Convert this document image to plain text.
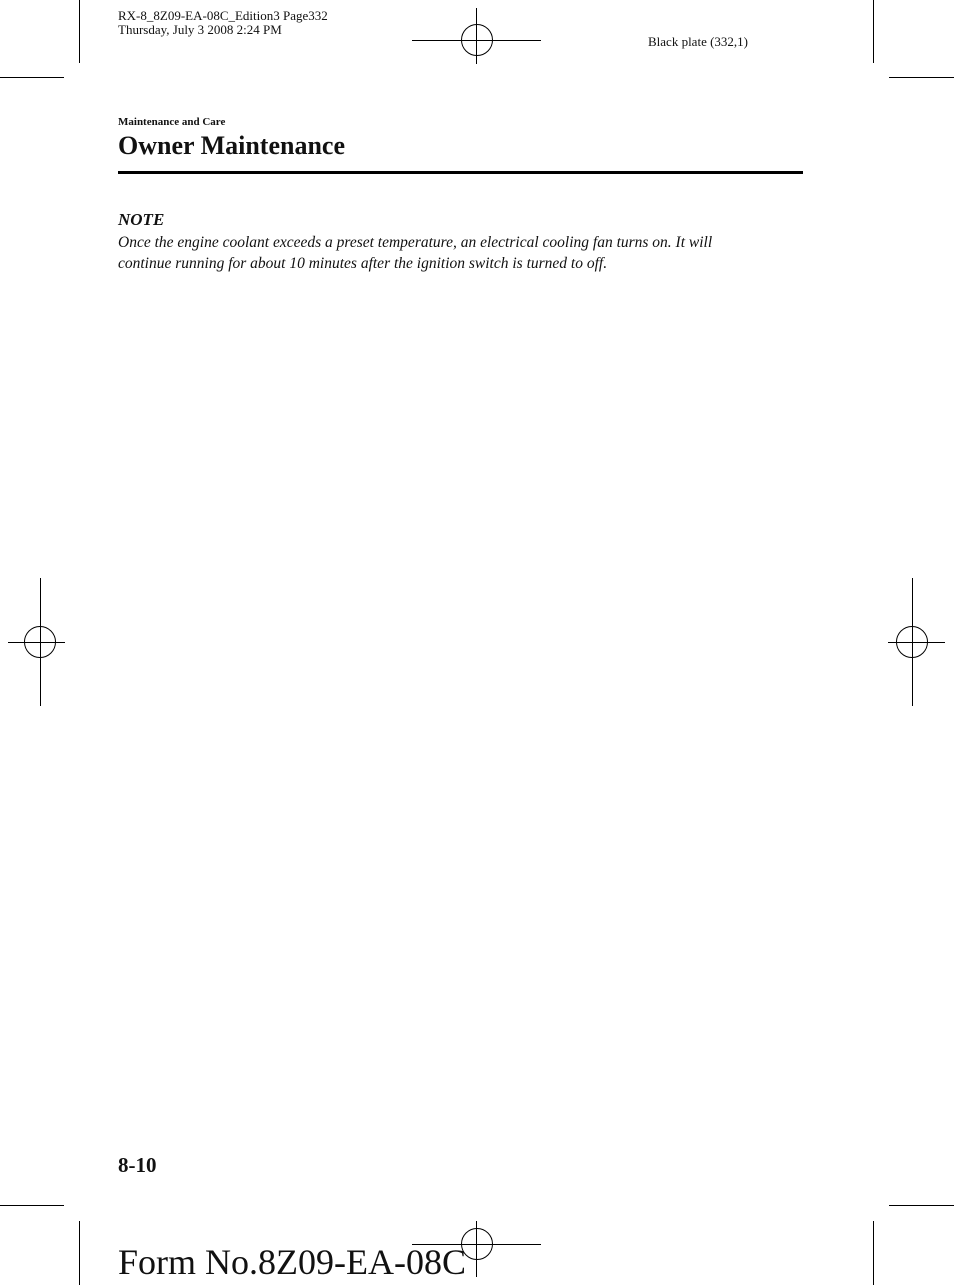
RX-8_8Z09-EA-08C_Edition3 Page332
Thursday, July 3 2008 2:24 PM
Black plate (332,1)
Maintenance and Care
Owner Maintenance
NOTE
Once the engine coolant exceeds a preset temperature, an electrical cooling fan turns on. It will
continue running for about 10 minutes after the ignition switch is turned to off.
8-10
Form No.8Z09-EA-08C
